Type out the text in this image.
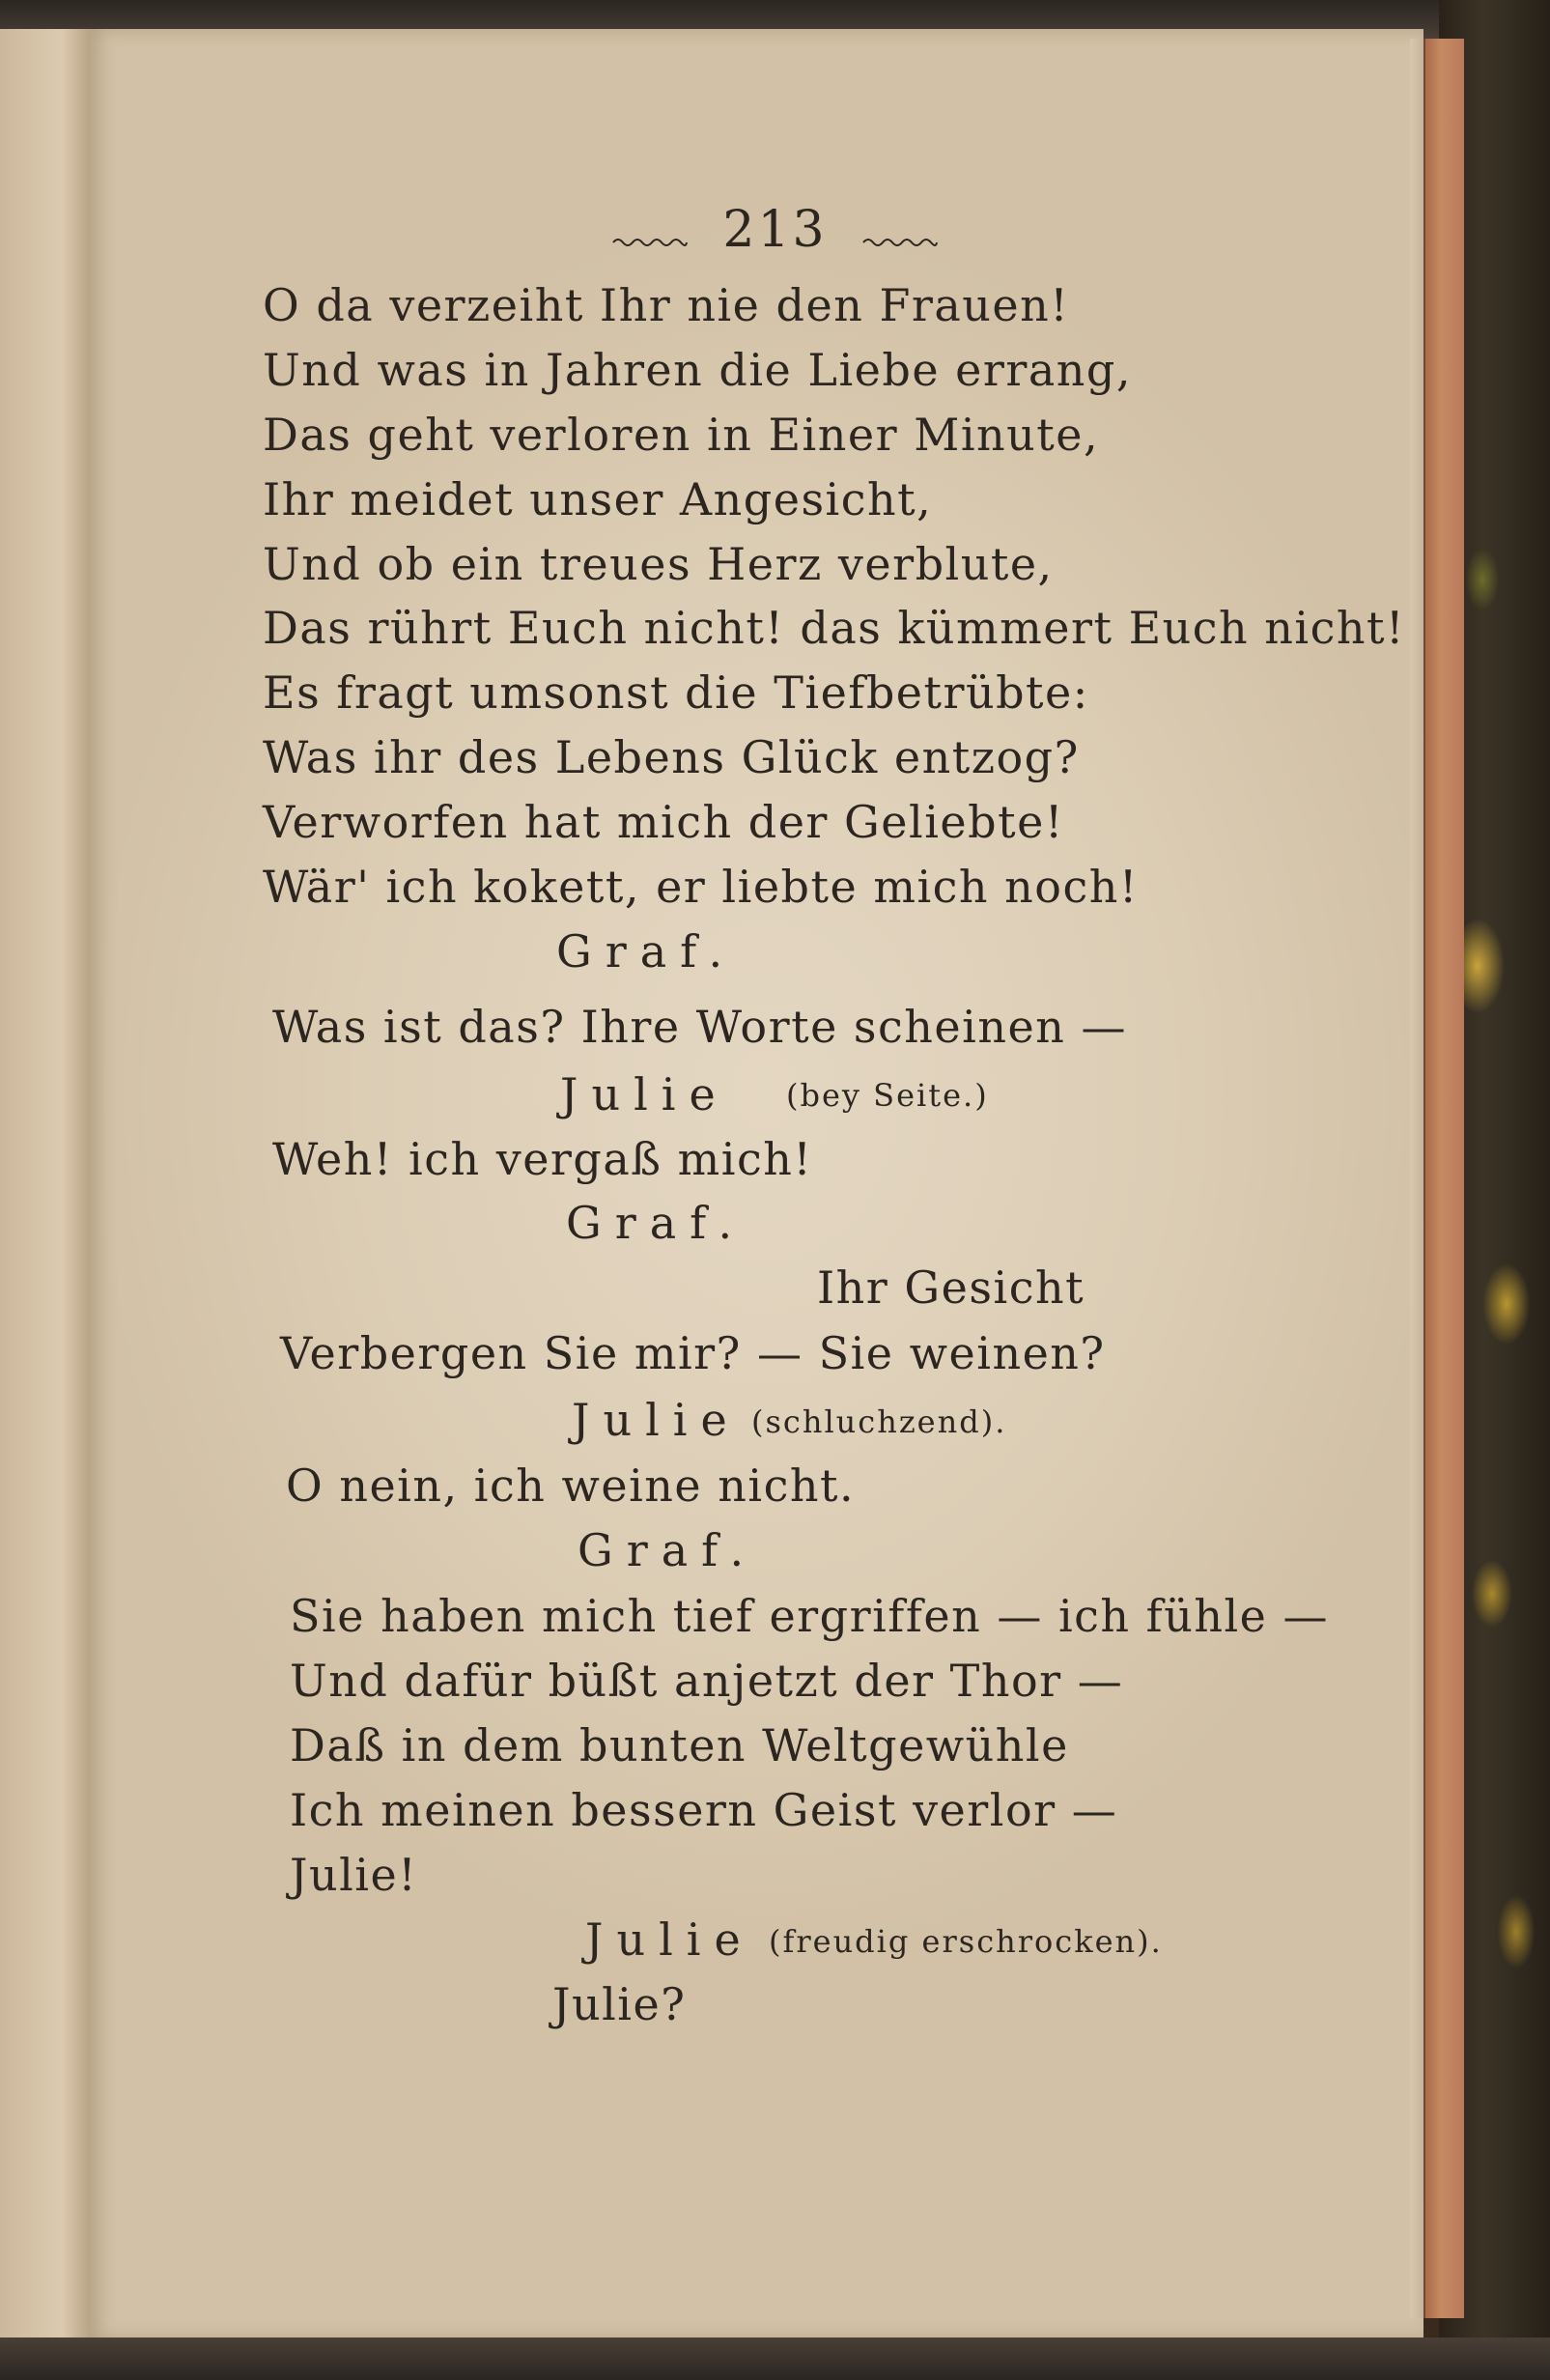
213
O da verzeiht Ihr nie den Frauen!
Und was in Jahren die Liebe errang,
Das geht verloren in Einer Minute,
Ihr meidet unser Angesicht,
Und ob ein treues Herz verblute,
Das rührt Euch nicht! das kümmert Euch nicht!
Es fragt umsonst die Tiefbetrübte:
Was ihr des Lebens Glück entzog?
Verworfen hat mich der Geliebte!
Wär' ich kokett, er liebte mich noch!
Graf.
Was ist das? Ihre Worte scheinen —
Julie (bey Seite.)
Weh! ich vergaß mich!
Graf.
Ihr Gesicht
Verbergen Sie mir? — Sie weinen?
Julie (schluchzend).
O nein, ich weine nicht.
Graf.
Sie haben mich tief ergriffen — ich fühle —
Und dafür büßt anjetzt der Thor —
Daß in dem bunten Weltgewühle
Ich meinen bessern Geist verlor —
Julie!
Julie (freudig erschrocken).
Julie?
